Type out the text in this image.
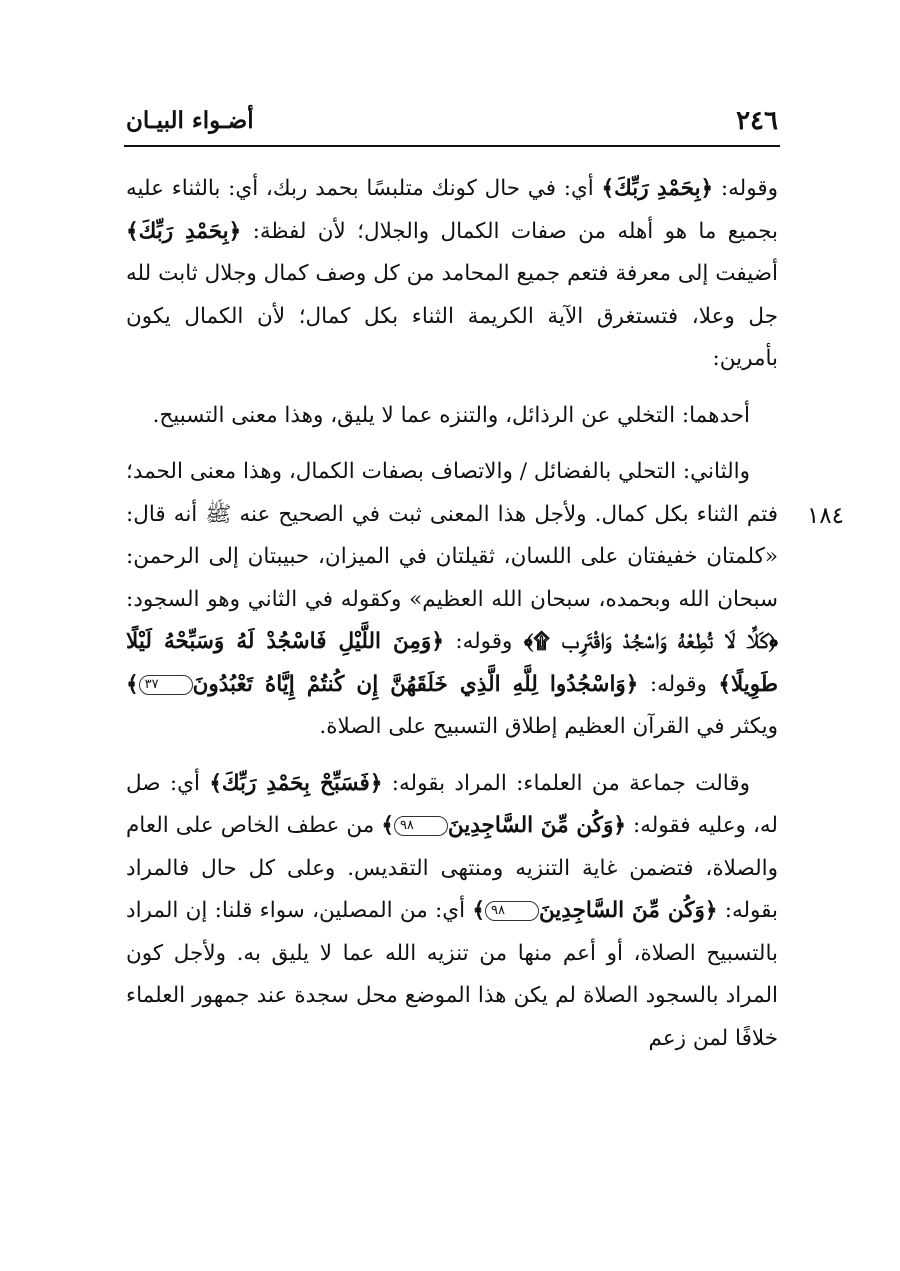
٢٤٦
أضـواء البيـان
١٨٤

وقوله: ﴿بِحَمْدِ رَبِّكَ﴾ أي: في حال كونك متلبسًا بحمد ربك، أي: بالثناء عليه بجميع ما هو أهله من صفات الكمال والجلال؛ لأن لفظة: ﴿بِحَمْدِ رَبِّكَ﴾ أضيفت إلى معرفة فتعم جميع المحامد من كل وصف كمال وجلال ثابت لله جل وعلا، فتستغرق الآية الكريمة الثناء بكل كمال؛ لأن الكمال يكون بأمرين:

أحدهما: التخلي عن الرذائل، والتنزه عما لا يليق، وهذا معنى التسبيح.

والثاني: التحلي بالفضائل / والاتصاف بصفات الكمال، وهذا معنى الحمد؛ فتم الثناء بكل كمال. ولأجل هذا المعنى ثبت في الصحيح عنه ﷺ أنه قال: «كلمتان خفيفتان على اللسان، ثقيلتان في الميزان، حبيبتان إلى الرحمن: سبحان الله وبحمده، سبحان الله العظيم» وكقوله في الثاني وهو السجود: ﴿كَلَّا لَا تُطِعْهُ وَاسْجُدْ وَاقْتَرِب ۩﴾ وقوله: ﴿وَمِنَ اللَّيْلِ فَاسْجُدْ لَهُ وَسَبِّحْهُ لَيْلًا طَوِيلًا﴾ وقوله: ﴿وَاسْجُدُوا لِلَّهِ الَّذِي خَلَقَهُنَّ إِن كُنتُمْ إِيَّاهُ تَعْبُدُونَ٣٧﴾ ويكثر في القرآن العظيم إطلاق التسبيح على الصلاة.

وقالت جماعة من العلماء: المراد بقوله: ﴿فَسَبِّحْ بِحَمْدِ رَبِّكَ﴾ أي: صل له، وعليه فقوله: ﴿وَكُن مِّنَ السَّاجِدِينَ٩٨﴾ من عطف الخاص على العام والصلاة، فتضمن غاية التنزيه ومنتهى التقديس. وعلى كل حال فالمراد بقوله: ﴿وَكُن مِّنَ السَّاجِدِينَ٩٨﴾ أي: من المصلين، سواء قلنا: إن المراد بالتسبيح الصلاة، أو أعم منها من تنزيه الله عما لا يليق به. ولأجل كون المراد بالسجود الصلاة لم يكن هذا الموضع محل سجدة عند جمهور العلماء خلافًا لمن زعم
